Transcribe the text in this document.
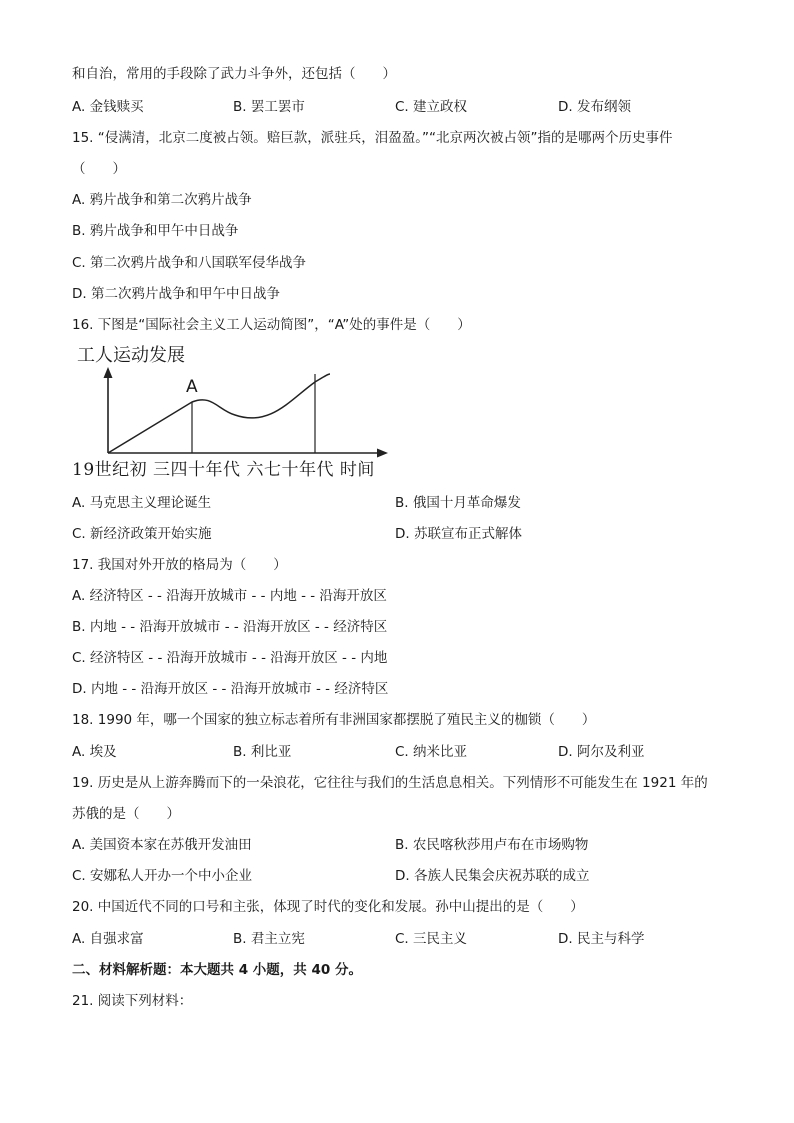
和自治，常用的手段除了武力斗争外，还包括（　　）
A. 金钱赎买	B. 罢工罢市	C. 建立政权	D. 发布纲领
15. “侵满清，北京二度被占领。赔巨款，派驻兵，泪盈盈。”“北京两次被占领”指的是哪两个历史事件
（　　）
A. 鸦片战争和第二次鸦片战争
B. 鸦片战争和甲午中日战争
C. 第二次鸦片战争和八国联军侵华战争
D. 第二次鸦片战争和甲午中日战争
16. 下图是“国际社会主义工人运动简图”，“A”处的事件是（　　）
工人运动发展
A
19世纪初 三四十年代 六七十年代 时间
A. 马克思主义理论诞生	B. 俄国十月革命爆发
C. 新经济政策开始实施	D. 苏联宣布正式解体
17. 我国对外开放的格局为（　　）
A. 经济特区 - - 沿海开放城市 - - 内地 - - 沿海开放区
B. 内地 - - 沿海开放城市 - - 沿海开放区 - - 经济特区
C. 经济特区 - - 沿海开放城市 - - 沿海开放区 - - 内地
D. 内地 - - 沿海开放区 - - 沿海开放城市 - - 经济特区
18. 1990 年，哪一个国家的独立标志着所有非洲国家都摆脱了殖民主义的枷锁（　　）
A. 埃及	B. 利比亚	C. 纳米比亚	D. 阿尔及利亚
19. 历史是从上游奔腾而下的一朵浪花，它往往与我们的生活息息相关。下列情形不可能发生在 1921 年的
苏俄的是（　　）
A. 美国资本家在苏俄开发油田	B. 农民喀秋莎用卢布在市场购物
C. 安娜私人开办一个中小企业	D. 各族人民集会庆祝苏联的成立
20. 中国近代不同的口号和主张，体现了时代的变化和发展。孙中山提出的是（　　）
A. 自强求富	B. 君主立宪	C. 三民主义	D. 民主与科学
二、材料解析题：本大题共 4 小题，共 40 分。
21. 阅读下列材料：
